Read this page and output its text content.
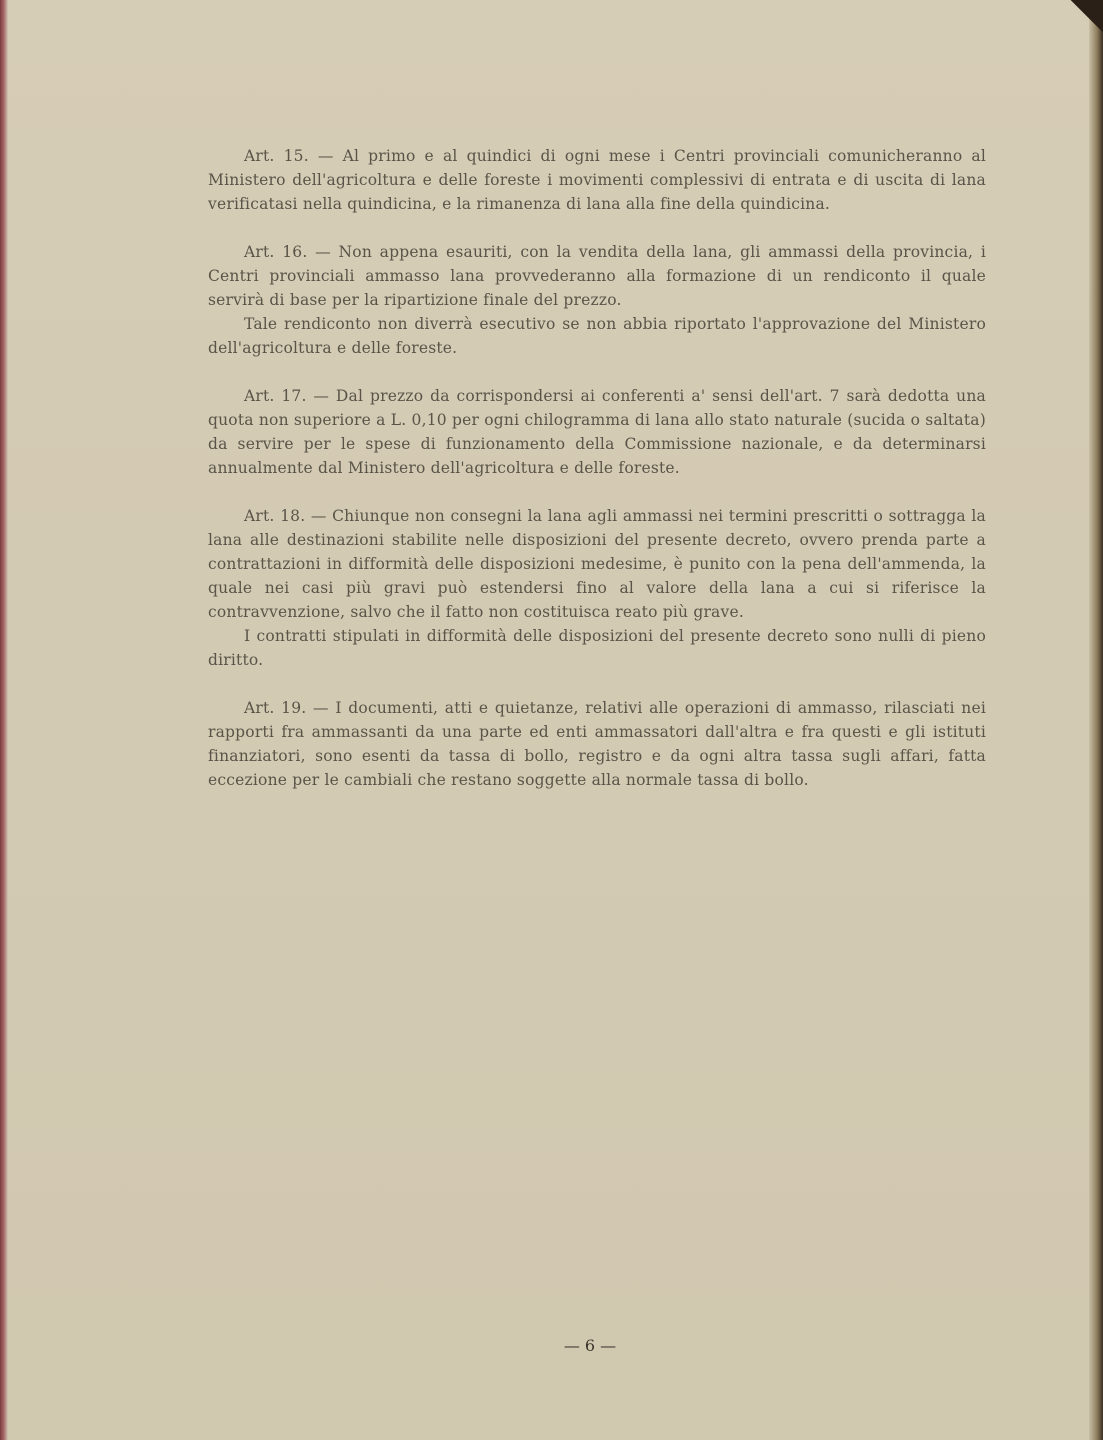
Art. 15. — Al primo e al quindici di ogni mese i Centri provinciali comunicheranno al Ministero dell'agricoltura e delle foreste i movimenti complessivi di entrata e di uscita di lana verificatasi nella quindicina, e la rimanenza di lana alla fine della quindicina.

Art. 16. — Non appena esauriti, con la vendita della lana, gli ammassi della provincia, i Centri provinciali ammasso lana provvederanno alla formazione di un rendiconto il quale servirà di base per la ripartizione finale del prezzo.

Tale rendiconto non diverrà esecutivo se non abbia riportato l'approvazione del Ministero dell'agricoltura e delle foreste.

Art. 17. — Dal prezzo da corrispondersi ai conferenti a' sensi dell'art. 7 sarà dedotta una quota non superiore a L. 0,10 per ogni chilogramma di lana allo stato naturale (sucida o saltata) da servire per le spese di funzionamento della Commissione nazionale, e da determinarsi annualmente dal Ministero dell'agricoltura e delle foreste.

Art. 18. — Chiunque non consegni la lana agli ammassi nei termini prescritti o sottragga la lana alle destinazioni stabilite nelle disposizioni del presente decreto, ovvero prenda parte a contrattazioni in difformità delle disposizioni medesime, è punito con la pena dell'ammenda, la quale nei casi più gravi può estendersi fino al valore della lana a cui si riferisce la contravvenzione, salvo che il fatto non costituisca reato più grave.

I contratti stipulati in difformità delle disposizioni del presente decreto sono nulli di pieno diritto.

Art. 19. — I documenti, atti e quietanze, relativi alle operazioni di ammasso, rilasciati nei rapporti fra ammassanti da una parte ed enti ammassatori dall'altra e fra questi e gli istituti finanziatori, sono esenti da tassa di bollo, registro e da ogni altra tassa sugli affari, fatta eccezione per le cambiali che restano soggette alla normale tassa di bollo.

— 6 —
